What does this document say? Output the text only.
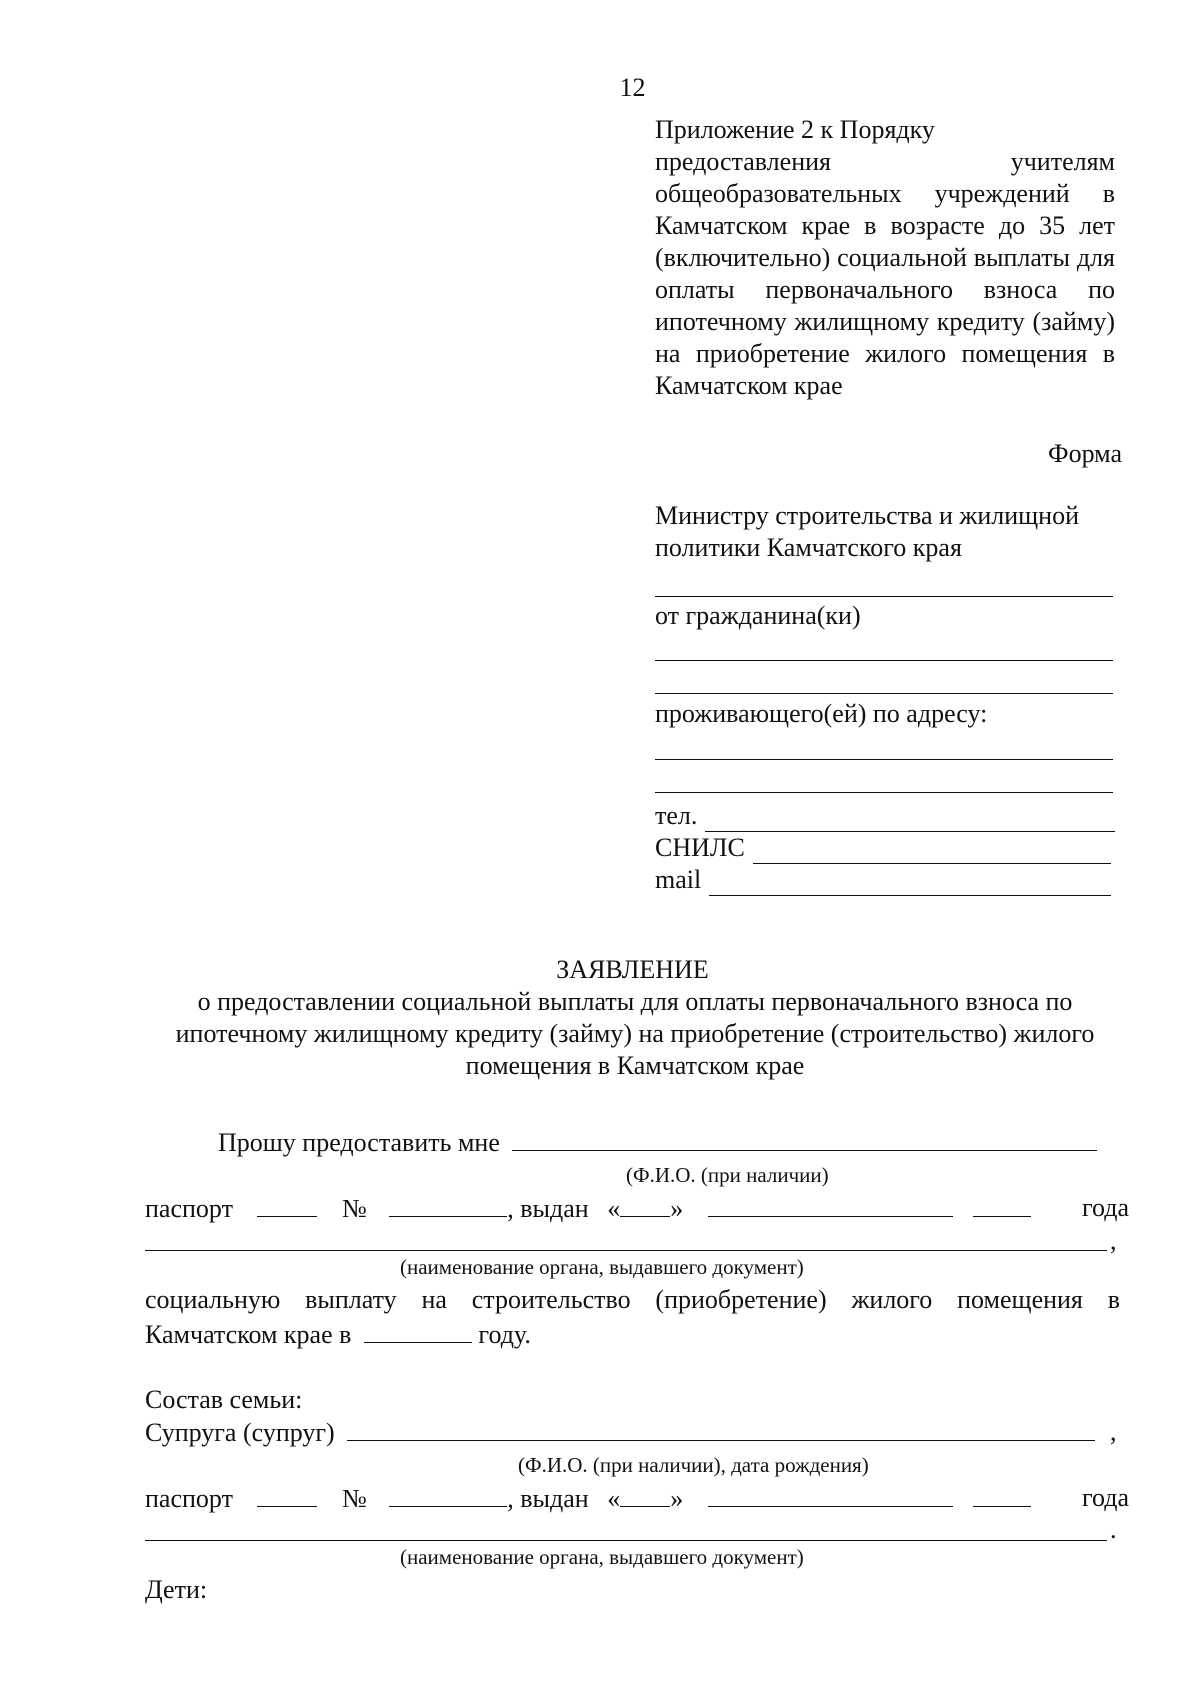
12
Приложение 2 к Порядку
предоставления учителям общеобразовательных учреждений в Камчатском крае в возрасте до 35 лет (включительно) социальной выплаты для оплаты первоначального взноса по ипотечному жилищному кредиту (займу) на приобретение жилого помещения в Камчатском крае
Форма
Министру строительства и жилищной
политики Камчатского края
от гражданина(ки)
проживающего(ей) по адресу:
тел.
СНИЛС
mail
ЗАЯВЛЕНИЕ
о предоставлении социальной выплаты для оплаты первоначального взноса по ипотечному жилищному кредиту (займу) на приобретение (строительство) жилого помещения в Камчатском крае
Прошу предоставить мне
(Ф.И.О. (при наличии)
паспорт	№	, выдан « »	года
,
(наименование органа, выдавшего документ)
социальную выплату на строительство (приобретение) жилого помещения в
Камчатском крае в	году.
Состав семьи:
Супруга (супруг)	,
(Ф.И.О. (при наличии), дата рождения)
паспорт	№	, выдан « »	года
.
(наименование органа, выдавшего документ)
Дети:
